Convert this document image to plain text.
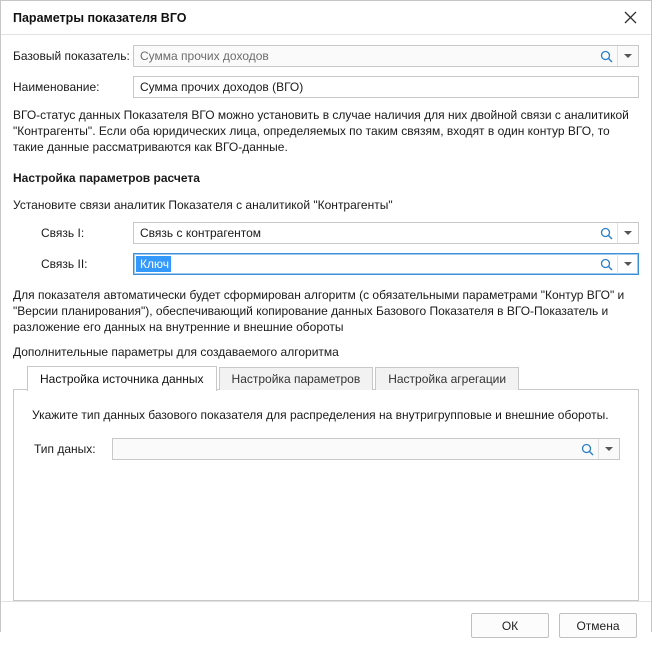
Параметры показателя ВГО
Базовый показатель: Сумма прочих доходов
Наименование:	Сумма прочих доходов (ВГО)
ВГО-статус данных Показателя ВГО можно установить в случае наличия для них двойной связи с аналитикой "Контрагенты". Если оба юридических лица, определяемых по таким связям, входят в один контур ВГО, то такие данные рассматриваются как ВГО-данные.
Настройка параметров расчета
Установите связи аналитик Показателя с аналитикой "Контрагенты"
Связь I:	Связь с контрагентом
Связь II:	Ключ
Для показателя автоматически будет сформирован алгоритм (с обязательными параметрами "Контур ВГО" и "Версии планирования"), обеспечивающий копирование данных Базового Показателя в ВГО-Показатель и разложение его данных на внутренние и внешние обороты
Дополнительные параметры для создаваемого алгоритма
Настройка источника данных	Настройка параметров	Настройка агрегации
Укажите тип данных базового показателя для распределения на внутригрупповые и внешние обороты.
Тип даных:
ОК	Отмена
